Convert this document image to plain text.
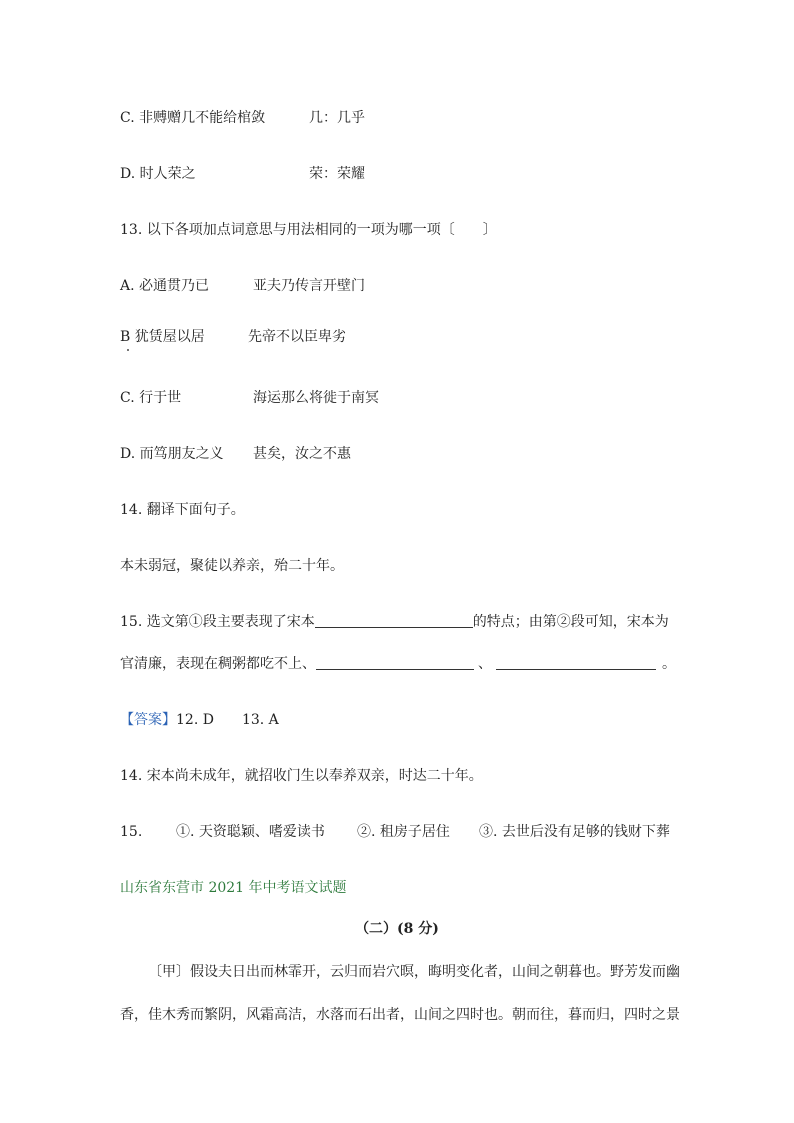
C. 非赙赠几不能给棺敛	几：几乎
D. 时人荣之	荣：荣耀
13. 以下各项加点词意思与用法相同的一项为哪一项〔　　〕
A. 必通贯乃已	亚夫乃传言开壁门
B 犹赁屋以居	先帝不以臣卑劣
C. 行于世	海运那么将徙于南冥
D. 而笃朋友之义 甚矣，汝之不惠
14. 翻译下面句子。
本未弱冠，聚徒以养亲，殆二十年。
15. 选文第①段主要表现了宋本	的特点；由第②段可知，宋本为
官清廉，表现在稠粥都吃不上、	、	。
【答案】12. D　　13. A
14. 宋本尚未成年，就招收门生以奉养双亲，时达二十年。
15. ①. 天资聪颖、嗜爱读书 ②. 租房子居住 ③. 去世后没有足够的钱财下葬
山东省东营市 2021 年中考语文试题
（二）(8 分)
〔甲〕假设夫日出而林霏开，云归而岩穴暝，晦明变化者，山间之朝暮也。野芳发而幽
香，佳木秀而繁阴，风霜高洁，水落而石出者，山间之四时也。朝而往，暮而归，四时之景
